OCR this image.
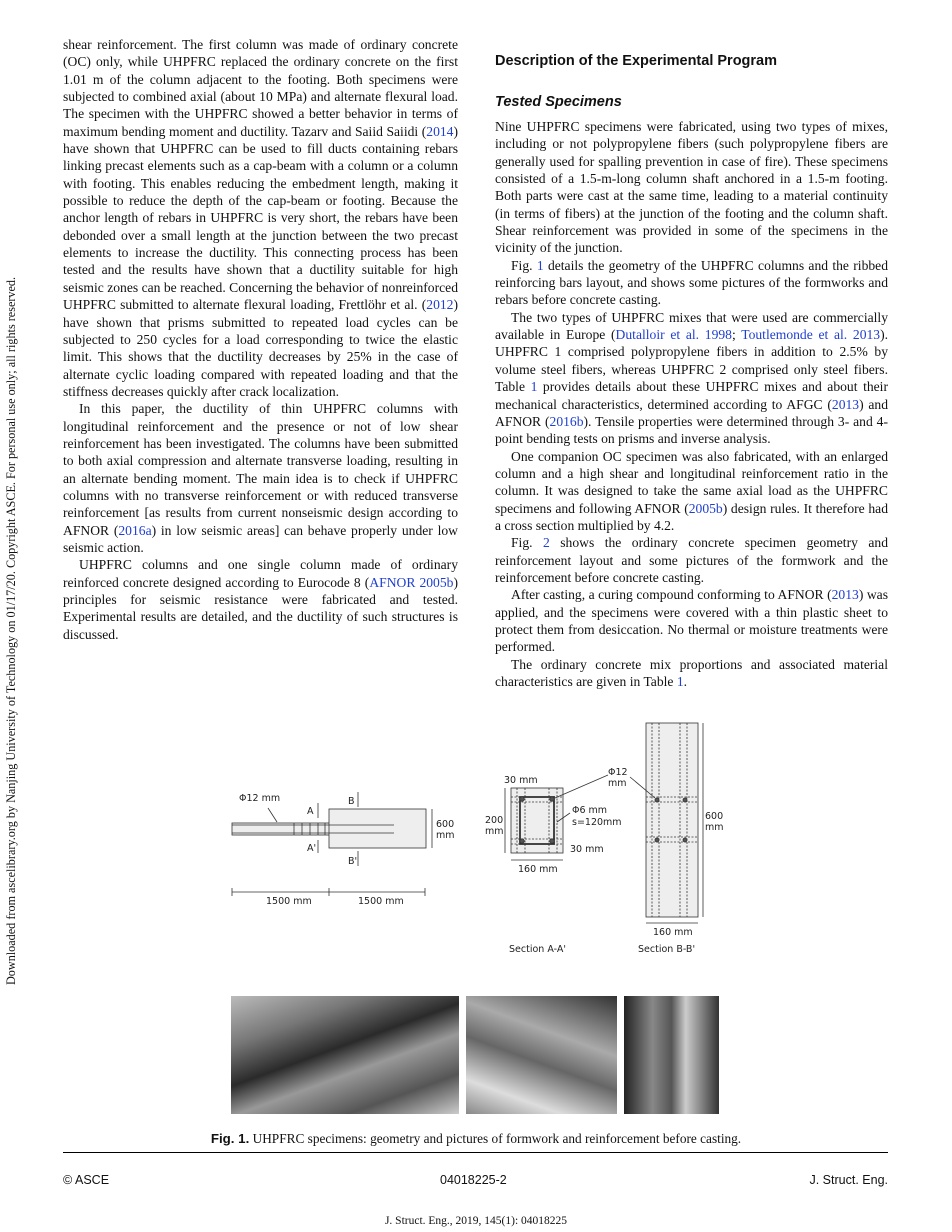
Downloaded from ascelibrary.org by Nanjing University of Technology on 01/17/20. Copyright ASCE. For personal use only; all rights reserved.

shear reinforcement. The first column was made of ordinary concrete (OC) only, while UHPFRC replaced the ordinary concrete on the first 1.01 m of the column adjacent to the footing. Both specimens were subjected to combined axial (about 10 MPa) and alternate flexural load. The specimen with the UHPFRC showed a better behavior in terms of maximum bending moment and ductility. Tazarv and Saiid Saiidi (2014) have shown that UHPFRC can be used to fill ducts containing rebars linking precast elements such as a cap-beam with a column or a column with footing. This enables reducing the embedment length, making it possible to reduce the depth of the cap-beam or footing. Because the anchor length of rebars in UHPFRC is very short, the rebars have been debonded over a small length at the junction between the two precast elements to increase the ductility. This connecting process has been tested and the results have shown that a ductility suitable for high seismic zones can be reached. Concerning the behavior of nonreinforced UHPFRC submitted to alternate flexural loading, Frettlöhr et al. (2012) have shown that prisms submitted to repeated load cycles can be subjected to 250 cycles for a load corresponding to twice the elastic limit. This shows that the ductility decreases by 25% in the case of alternate cyclic loading compared with repeated loading and that the stiffness decreases quickly after crack localization.

In this paper, the ductility of thin UHPFRC columns with longitudinal reinforcement and the presence or not of low shear reinforcement has been investigated. The columns have been submitted to both axial compression and alternate transverse loading, resulting in an alternate bending moment. The main idea is to check if UHPFRC columns with no transverse reinforcement or with reduced transverse reinforcement [as results from current nonseismic design according to AFNOR (2016a) in low seismic areas] can behave properly under low seismic action.

UHPFRC columns and one single column made of ordinary reinforced concrete designed according to Eurocode 8 (AFNOR 2005b) principles for seismic resistance were fabricated and tested. Experimental results are detailed, and the ductility of such structures is discussed.

Description of the Experimental Program
Tested Specimens

Nine UHPFRC specimens were fabricated, using two types of mixes, including or not polypropylene fibers (such polypropylene fibers are generally used for spalling prevention in case of fire). These specimens consisted of a 1.5-m-long column shaft anchored in a 1.5-m footing. Both parts were cast at the same time, leading to a material continuity (in terms of fibers) at the junction of the footing and the column shaft. Shear reinforcement was provided in some of the specimens in the vicinity of the junction.

Fig. 1 details the geometry of the UHPFRC columns and the ribbed reinforcing bars layout, and shows some pictures of the formworks and rebars before concrete casting.

The two types of UHPFRC mixes that were used are commercially available in Europe (Dutalloir et al. 1998; Toutlemonde et al. 2013). UHPFRC 1 comprised polypropylene fibers in addition to 2.5% by volume steel fibers, whereas UHPFRC 2 comprised only steel fibers. Table 1 provides details about these UHPFRC mixes and about their mechanical characteristics, determined according to AFGC (2013) and AFNOR (2016b). Tensile properties were determined through 3- and 4-point bending tests on prisms and inverse analysis.

One companion OC specimen was also fabricated, with an enlarged column and a high shear and longitudinal reinforcement ratio in the column. It was designed to take the same axial load as the UHPFRC specimens and following AFNOR (2005b) design rules. It therefore had a cross section multiplied by 4.2.

Fig. 2 shows the ordinary concrete specimen geometry and reinforcement layout and some pictures of the formwork and the reinforcement before concrete casting.

After casting, a curing compound conforming to AFNOR (2013) was applied, and the specimens were covered with a thin plastic sheet to protect them from desiccation. No thermal or moisture treatments were performed.

The ordinary concrete mix proportions and associated material characteristics are given in Table 1.

Φ12 mm
A
A'
B
B'
600
mm
1500 mm	1500 mm
30 mm
200
mm
Φ12
mm
Φ6 mm
s=120mm
30 mm
160 mm
Section A-A'
600
mm
160 mm
Section B-B'
Fig. 1. UHPFRC specimens: geometry and pictures of formwork and reinforcement before casting.
© ASCE	04018225-2	J. Struct. Eng.
J. Struct. Eng., 2019, 145(1): 04018225
